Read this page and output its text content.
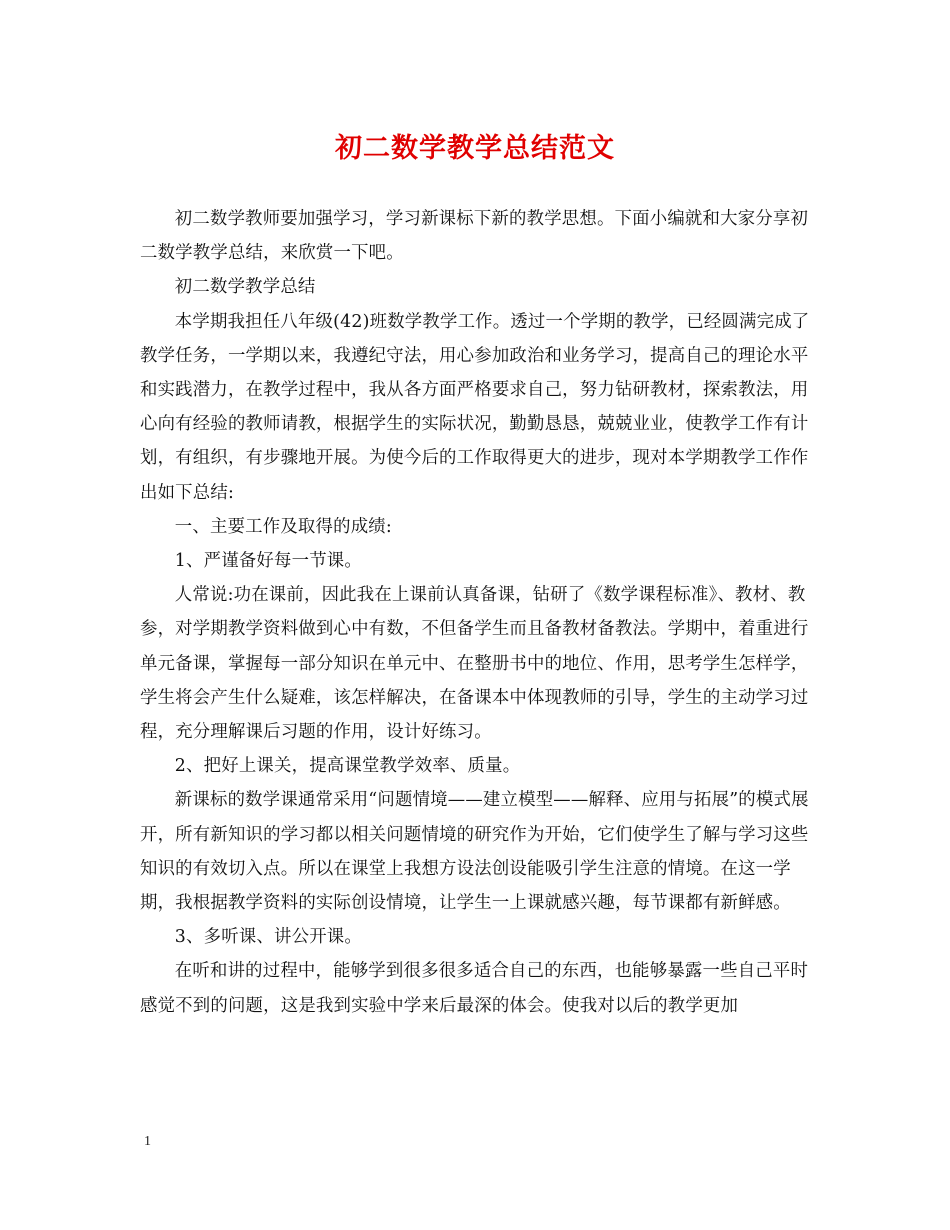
初二数学教学总结范文

初二数学教师要加强学习，学习新课标下新的教学思想。下面小编就和大家分享初二数学教学总结，来欣赏一下吧。

初二数学教学总结

本学期我担任八年级(42)班数学教学工作。透过一个学期的教学，已经圆满完成了教学任务，一学期以来，我遵纪守法，用心参加政治和业务学习，提高自己的理论水平和实践潜力，在教学过程中，我从各方面严格要求自己，努力钻研教材，探索教法，用心向有经验的教师请教，根据学生的实际状况，勤勤恳恳，兢兢业业，使教学工作有计划，有组织，有步骤地开展。为使今后的工作取得更大的进步，现对本学期教学工作作出如下总结:

一、主要工作及取得的成绩:

1、严谨备好每一节课。

人常说:功在课前，因此我在上课前认真备课，钻研了《数学课程标准》、教材、教参，对学期教学资料做到心中有数，不但备学生而且备教材备教法。学期中，着重进行单元备课，掌握每一部分知识在单元中、在整册书中的地位、作用，思考学生怎样学，学生将会产生什么疑难，该怎样解决，在备课本中体现教师的引导，学生的主动学习过程，充分理解课后习题的作用，设计好练习。

2、把好上课关，提高课堂教学效率、质量。

新课标的数学课通常采用“问题情境——建立模型——解释、应用与拓展”的模式展开，所有新知识的学习都以相关问题情境的研究作为开始，它们使学生了解与学习这些知识的有效切入点。所以在课堂上我想方设法创设能吸引学生注意的情境。在这一学期，我根据教学资料的实际创设情境，让学生一上课就感兴趣，每节课都有新鲜感。

3、多听课、讲公开课。

在听和讲的过程中，能够学到很多很多适合自己的东西，也能够暴露一些自己平时感觉不到的问题，这是我到实验中学来后最深的体会。使我对以后的教学更加

1
